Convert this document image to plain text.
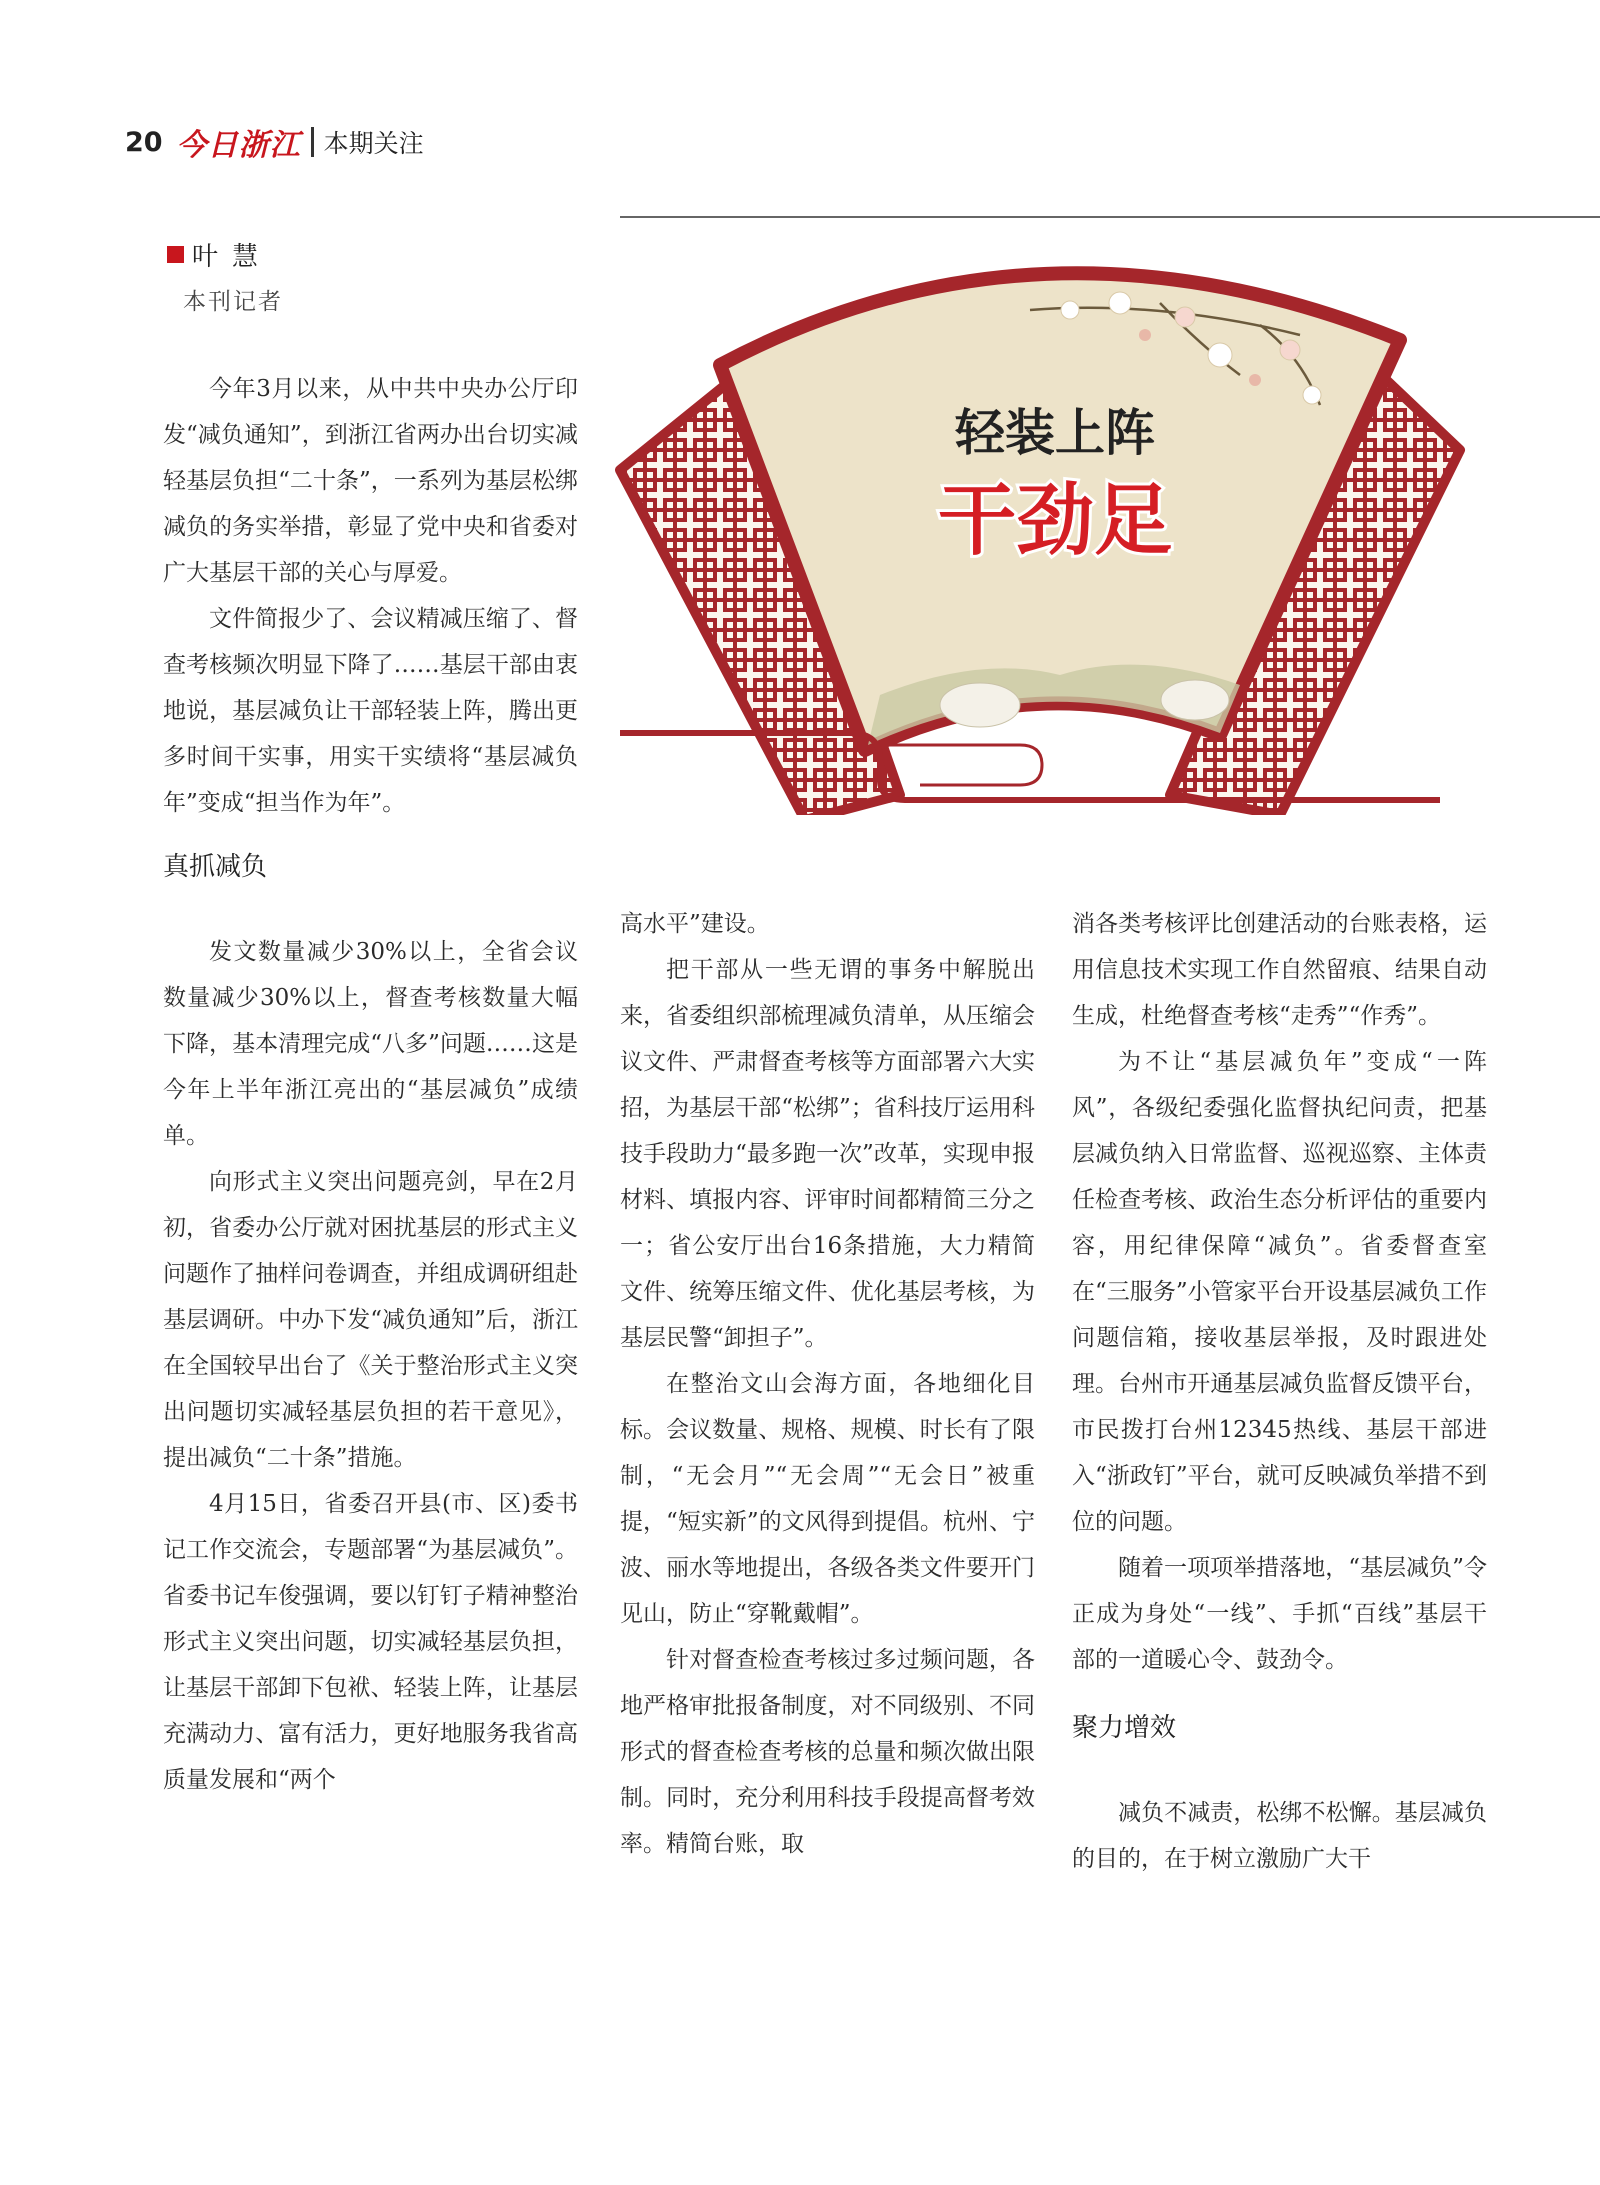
20 今日浙江 本期关注
叶慧
本刊记者
轻装上阵
干劲足

今年3月以来，从中共中央办公厅印发“减负通知”，到浙江省两办出台切实减轻基层负担“二十条”，一系列为基层松绑减负的务实举措，彰显了党中央和省委对广大基层干部的关心与厚爱。

文件简报少了、会议精减压缩了、督查考核频次明显下降了……基层干部由衷地说，基层减负让干部轻装上阵，腾出更多时间干实事，用实干实绩将“基层减负年”变成“担当作为年”。

真抓减负

发文数量减少30%以上，全省会议数量减少30%以上，督查考核数量大幅下降，基本清理完成“八多”问题……这是今年上半年浙江亮出的“基层减负”成绩单。

向形式主义突出问题亮剑，早在2月初，省委办公厅就对困扰基层的形式主义问题作了抽样问卷调查，并组成调研组赴基层调研。中办下发“减负通知”后，浙江在全国较早出台了《关于整治形式主义突出问题切实减轻基层负担的若干意见》，提出减负“二十条”措施。

4月15日，省委召开县(市、区)委书记工作交流会，专题部署“为基层减负”。省委书记车俊强调，要以钉钉子精神整治形式主义突出问题，切实减轻基层负担，让基层干部卸下包袱、轻装上阵，让基层充满动力、富有活力，更好地服务我省高质量发展和“两个

高水平”建设。

把干部从一些无谓的事务中解脱出来，省委组织部梳理减负清单，从压缩会议文件、严肃督查考核等方面部署六大实招，为基层干部“松绑”；省科技厅运用科技手段助力“最多跑一次”改革，实现申报材料、填报内容、评审时间都精简三分之一；省公安厅出台16条措施，大力精简文件、统筹压缩文件、优化基层考核，为基层民警“卸担子”。

在整治文山会海方面，各地细化目标。会议数量、规格、规模、时长有了限制，“无会月”“无会周”“无会日”被重提，“短实新”的文风得到提倡。杭州、宁波、丽水等地提出，各级各类文件要开门见山，防止“穿靴戴帽”。

针对督查检查考核过多过频问题，各地严格审批报备制度，对不同级别、不同形式的督查检查考核的总量和频次做出限制。同时，充分利用科技手段提高督考效率。精简台账，取

消各类考核评比创建活动的台账表格，运用信息技术实现工作自然留痕、结果自动生成，杜绝督查考核“走秀”“作秀”。

为不让“基层减负年”变成“一阵风”，各级纪委强化监督执纪问责，把基层减负纳入日常监督、巡视巡察、主体责任检查考核、政治生态分析评估的重要内容，用纪律保障“减负”。省委督查室在“三服务”小管家平台开设基层减负工作问题信箱，接收基层举报，及时跟进处理。台州市开通基层减负监督反馈平台，市民拨打台州12345热线、基层干部进入“浙政钉”平台，就可反映减负举措不到位的问题。

随着一项项举措落地，“基层减负”令正成为身处“一线”、手抓“百线”基层干部的一道暖心令、鼓劲令。

聚力增效

减负不减责，松绑不松懈。基层减负的目的，在于树立激励广大干
